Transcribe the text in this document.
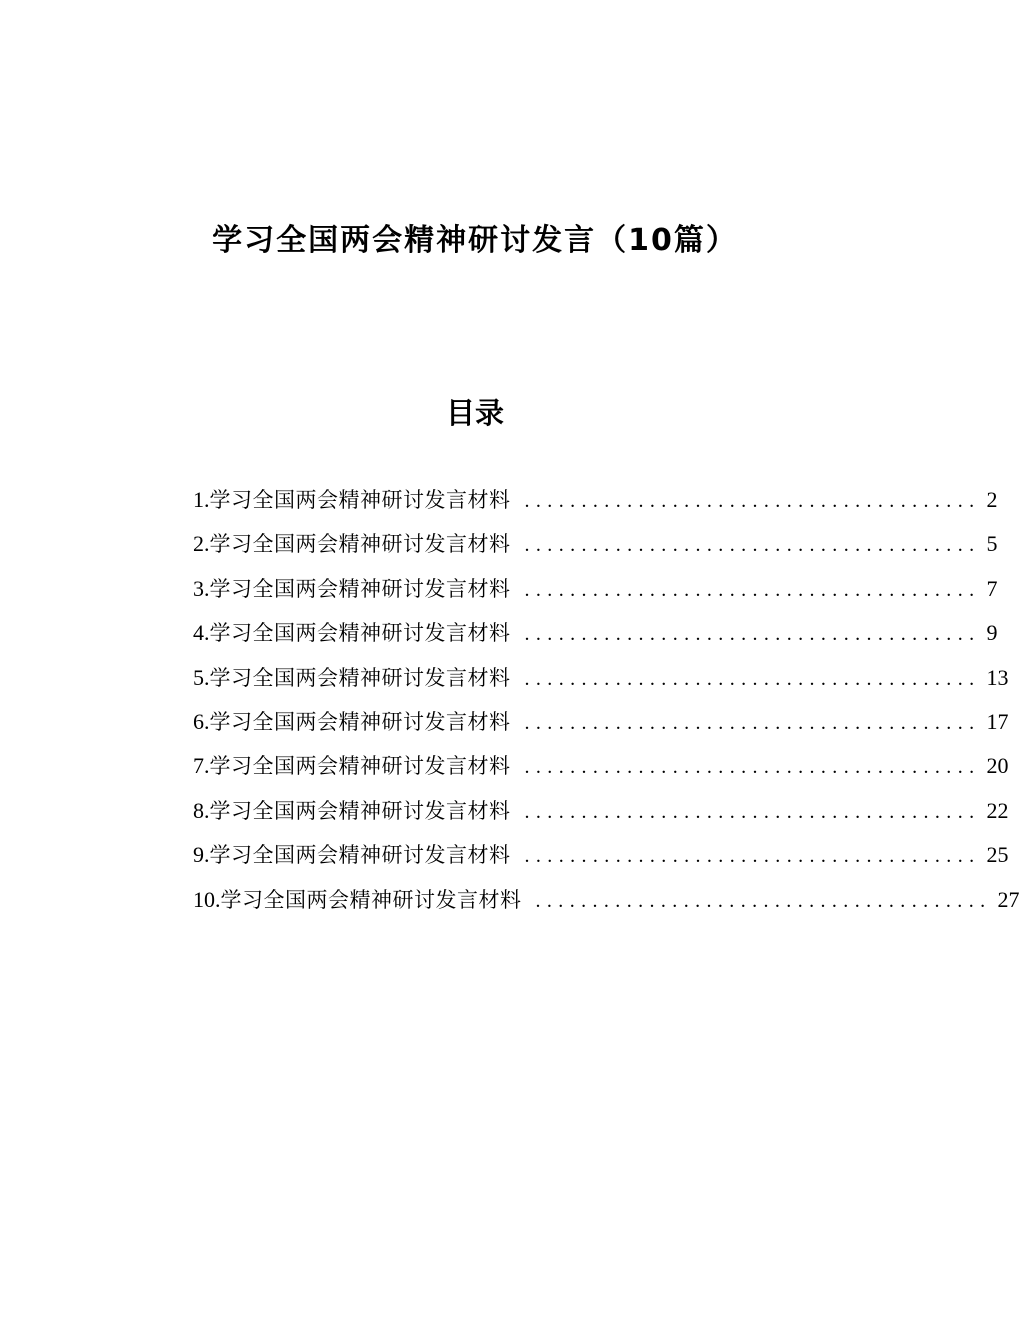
学习全国两会精神研讨发言（10篇）
目录
1. 学习全国两会精神研讨发言材料 ........................................ 2
2. 学习全国两会精神研讨发言材料 ........................................ 5
3. 学习全国两会精神研讨发言材料 ........................................ 7
4. 学习全国两会精神研讨发言材料 ........................................ 9
5. 学习全国两会精神研讨发言材料 ........................................ 13
6. 学习全国两会精神研讨发言材料 ........................................ 17
7. 学习全国两会精神研讨发言材料 ........................................ 20
8. 学习全国两会精神研讨发言材料 ........................................ 22
9. 学习全国两会精神研讨发言材料 ........................................ 25
10. 学习全国两会精神研讨发言材料 ........................................ 27
